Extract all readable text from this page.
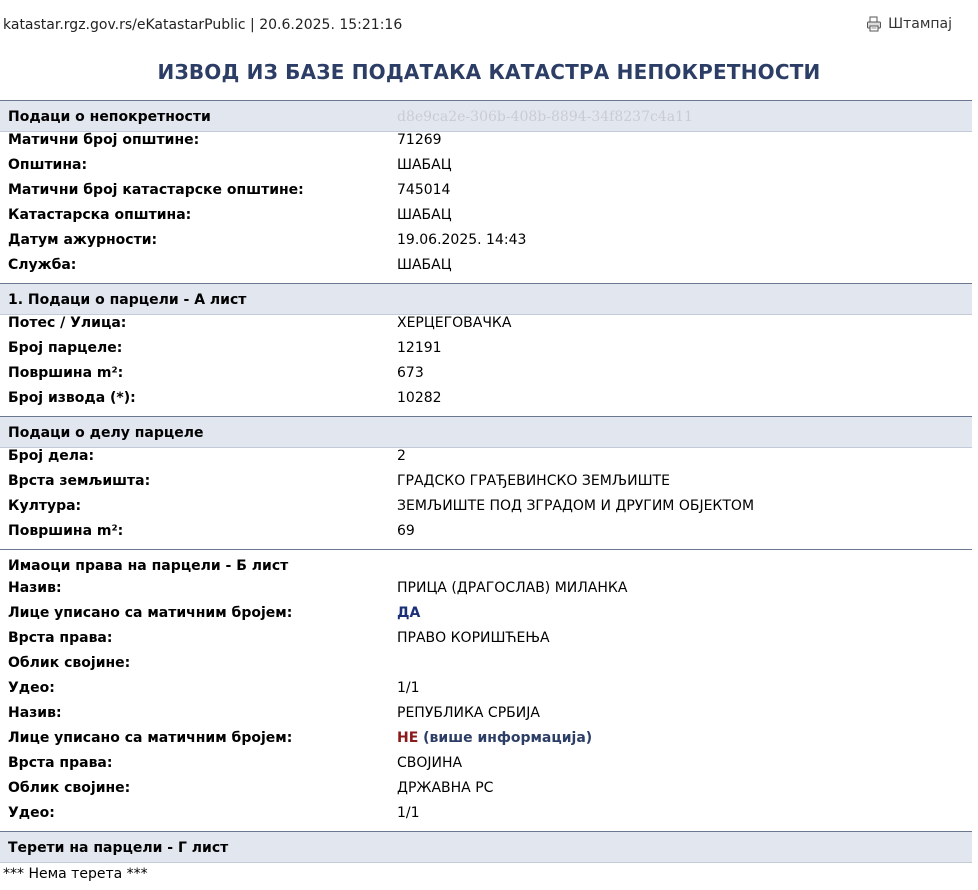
katastar.rgz.gov.rs/eKatastarPublic | 20.6.2025. 15:21:16	Штампај
ИЗВОД ИЗ БАЗЕ ПОДАТАКА КАТАСТРА НЕПОКРЕТНОСТИ
Подаци о непокретности	d8e9ca2e-306b-408b-8894-34f8237c4a11
Матични број општине:	71269
Општина:	ШАБАЦ
Матични број катастарске општине:	745014
Катастарска општина:	ШАБАЦ
Датум ажурности:	19.06.2025. 14:43
Служба:	ШАБАЦ
1. Подаци о парцели - А лист
Потес / Улица:	ХЕРЦЕГОВАЧКА
Број парцеле:	12191
Површина m²:	673
Број извода (*):	10282
Подаци о делу парцеле
Број дела:	2
Врста земљишта:	ГРАДСКО ГРАЂЕВИНСКО ЗЕМЉИШТЕ
Култура:	ЗЕМЉИШТЕ ПОД ЗГРАДОМ И ДРУГИМ ОБЈЕКТОМ
Површина m²:	69
Имаоци права на парцели - Б лист
Назив:	ПРИЦА (ДРАГОСЛАВ) МИЛАНКА
Лице уписано са матичним бројем:	ДА
Врста права:	ПРАВО КОРИШЋЕЊА
Облик својине:
Удео:	1/1
Назив:	РЕПУБЛИКА СРБИЈА
Лице уписано са матичним бројем:	НЕ (више информација)
Врста права:	СВОЈИНА
Облик својине:	ДРЖАВНА РС
Удео:	1/1
Терети на парцели - Г лист
*** Нема терета ***
